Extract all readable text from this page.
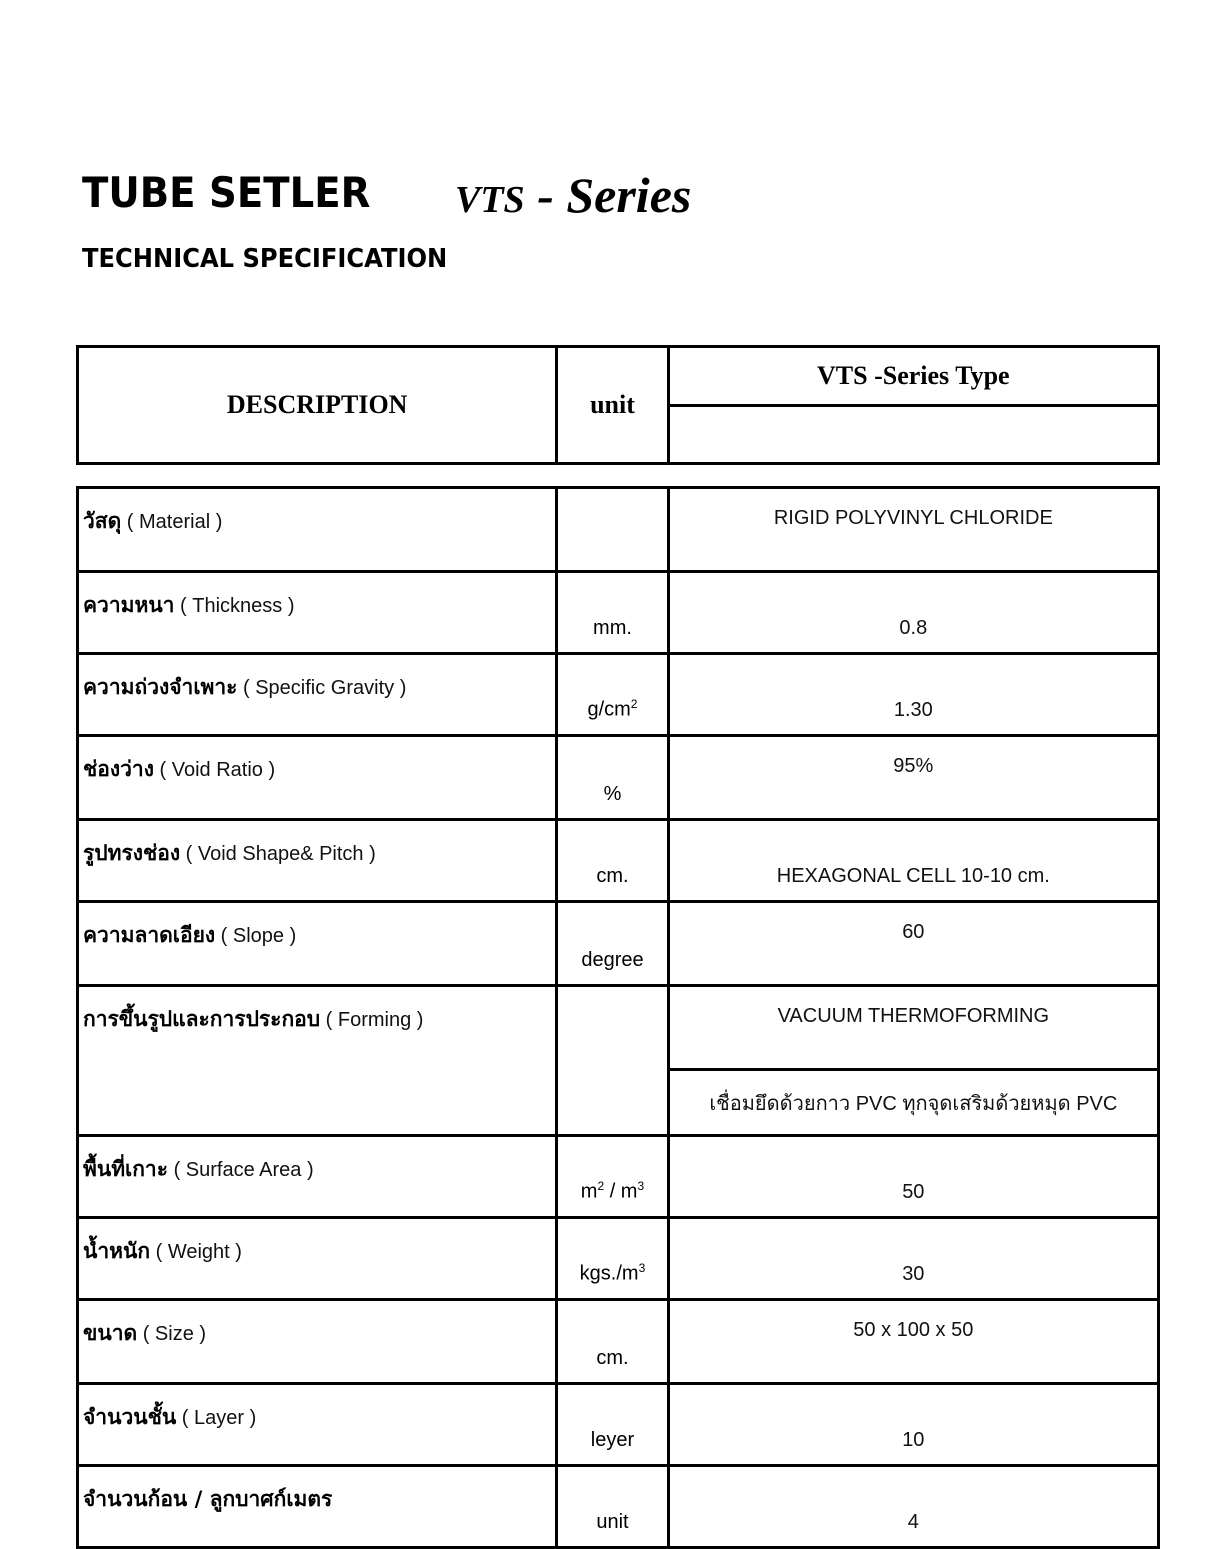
TUBE SETLER VTS - Series
TECHNICAL SPECIFICATION
DESCRIPTION	unit	VTS -Series Type

วัสดุ ( Material )		RIGID POLYVINYL CHLORIDE
ความหนา ( Thickness )	mm.	0.8
ความถ่วงจำเพาะ ( Specific Gravity )	$g/cm^2$	1.30
ช่องว่าง ( Void Ratio )	%	95%
รูปทรงช่อง ( Void Shape& Pitch )	cm.	HEXAGONAL CELL 10-10 cm.
ความลาดเอียง ( Slope )	degree	60
การขึ้นรูปและการประกอบ ( Forming )		VACUUM THERMOFORMING
		เชื่อมยึดด้วยกาว PVC ทุกจุดเสริมด้วยหมุด PVC
พื้นที่เกาะ ( Surface Area )	$m^2 / m^3$	50
น้ำหนัก ( Weight )	$kgs./m^3$	30
ขนาด ( Size )	cm.	50 x 100 x 50
จำนวนชั้น ( Layer )	leyer	10
จำนวนก้อน / ลูกบาศก์เมตร	unit	4
